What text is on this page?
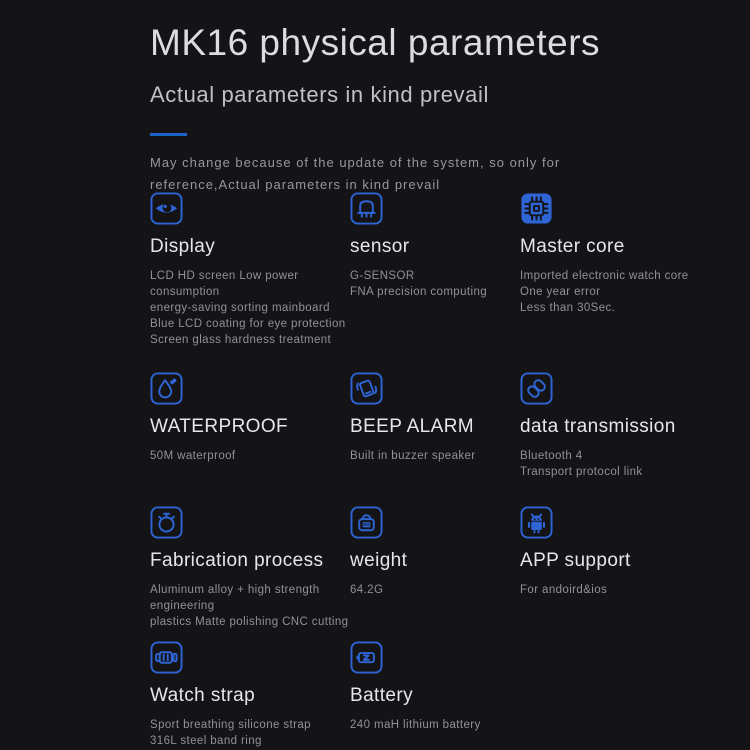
MK16 physical parameters
Actual parameters in kind prevail

May change because of the update of the system, so only for
reference,Actual parameters in kind prevail

Display
LCD HD screen Low power consumption
energy-saving sorting mainboard
Blue LCD coating for eye protection
Screen glass hardness treatment
sensor
G-SENSOR
FNA precision computing
Master core
Imported electronic watch core
One year error
Less than 30Sec.
WATERPROOF
50M waterproof
BEEP ALARM
Built in buzzer speaker
data transmission
Bluetooth 4
Transport protocol link
Fabrication process
Aluminum alloy + high strength engineering
plastics Matte polishing CNC cutting
KG
weight
64.2G
APP support
For andoird&ios
Watch strap
Sport breathing silicone strap
316L steel band ring
Battery
240 maH lithium battery
